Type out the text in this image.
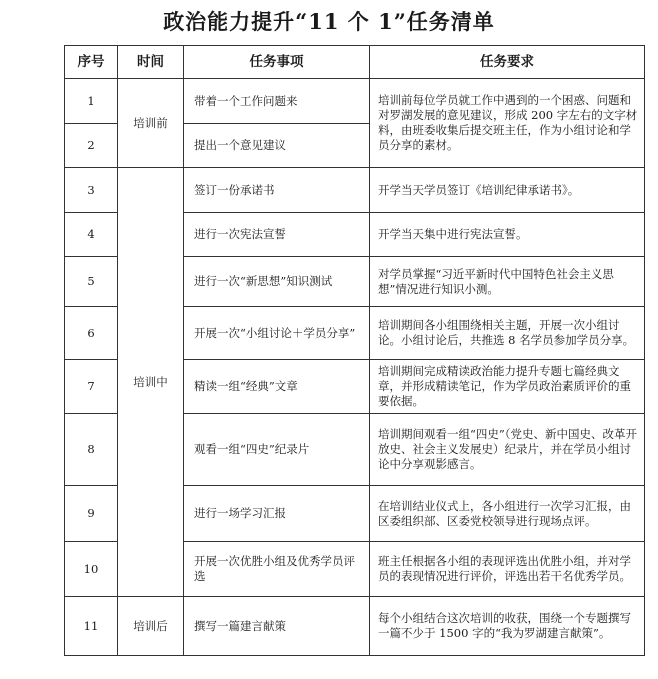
政治能力提升“11 个 1”任务清单
序号	时间	任务事项	任务要求
1	培训前	带着一个工作问题来	培训前每位学员就工作中遇到的一个困惑、问题和对罗湖发展的意见建议，形成 200 字左右的文字材料，由班委收集后提交班主任，作为小组讨论和学员分享的素材。
2		提出一个意见建议	
3	培训中	签订一份承诺书	开学当天学员签订《培训纪律承诺书》。
4		进行一次宪法宣誓	开学当天集中进行宪法宣誓。
5		进行一次“新思想”知识测试	对学员掌握“习近平新时代中国特色社会主义思想”情况进行知识小测。
6		开展一次“小组讨论＋学员分享”	培训期间各小组围绕相关主题，开展一次小组讨论。小组讨论后，共推选 8 名学员参加学员分享。
7		精读一组“经典”文章	培训期间完成精读政治能力提升专题七篇经典文章，并形成精读笔记，作为学员政治素质评价的重要依据。
8		观看一组“四史”纪录片	培训期间观看一组“四史”（党史、新中国史、改革开放史、社会主义发展史）纪录片，并在学员小组讨论中分享观影感言。
9		进行一场学习汇报	在培训结业仪式上，各小组进行一次学习汇报，由区委组织部、区委党校领导进行现场点评。
10		开展一次优胜小组及优秀学员评选	班主任根据各小组的表现评选出优胜小组，并对学员的表现情况进行评价，评选出若干名优秀学员。
11	培训后	撰写一篇建言献策	每个小组结合这次培训的收获，围绕一个专题撰写一篇不少于 1500 字的“我为罗湖建言献策”。
